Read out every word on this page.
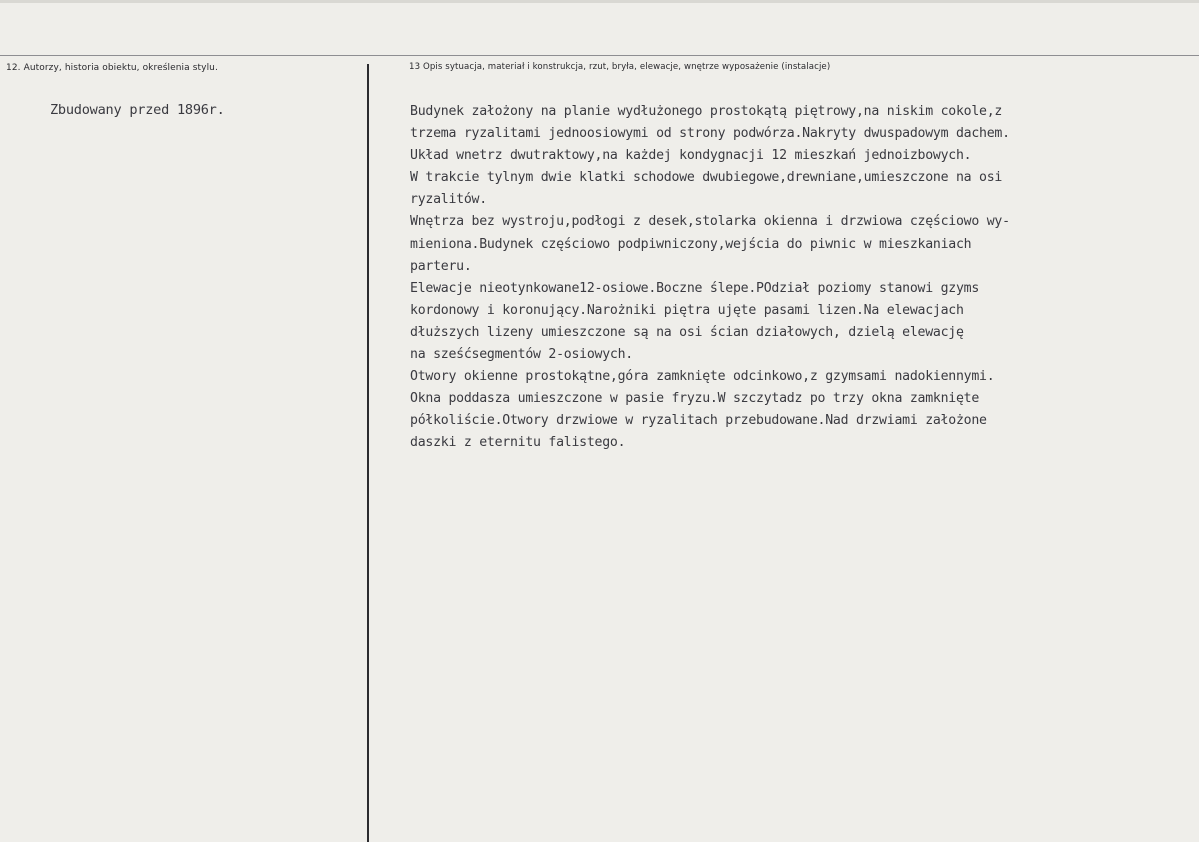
12. Autorzy, historia obiektu, określenia stylu.	13 Opis sytuacja, materiał i konstrukcja, rzut, bryła, elewacje, wnętrze wyposażenie (instalacje)
Zbudowany przed 1896r.	Budynek założony na planie wydłużonego prostokątą piętrowy,na niskim cokole,z
trzema ryzalitami jednoosiowymi od strony podwórza.Nakryty dwuspadowym dachem.
Układ wnetrz dwutraktowy,na każdej kondygnacji 12 mieszkań jednoizbowych.
W trakcie tylnym dwie klatki schodowe dwubiegowe,drewniane,umieszczone na osi
ryzalitów.
Wnętrza bez wystroju,podłogi z desek,stolarka okienna i drzwiowa częściowo wy-
mieniona.Budynek częściowo podpiwniczony,wejścia do piwnic w mieszkaniach
parteru.
Elewacje nieotynkowane12-osiowe.Boczne ślepe.POdział poziomy stanowi gzyms
kordonowy i koronujący.Narożniki piętra ujęte pasami lizen.Na elewacjach
dłuższych lizeny umieszczone są na osi ścian działowych, dzielą elewację
na sześćsegmentów 2-osiowych.
Otwory okienne prostokątne,góra zamknięte odcinkowo,z gzymsami nadokiennymi.
Okna poddasza umieszczone w pasie fryzu.W szczytadz po trzy okna zamknięte
półkoliście.Otwory drzwiowe w ryzalitach przebudowane.Nad drzwiami założone
daszki z eternitu falistego.
